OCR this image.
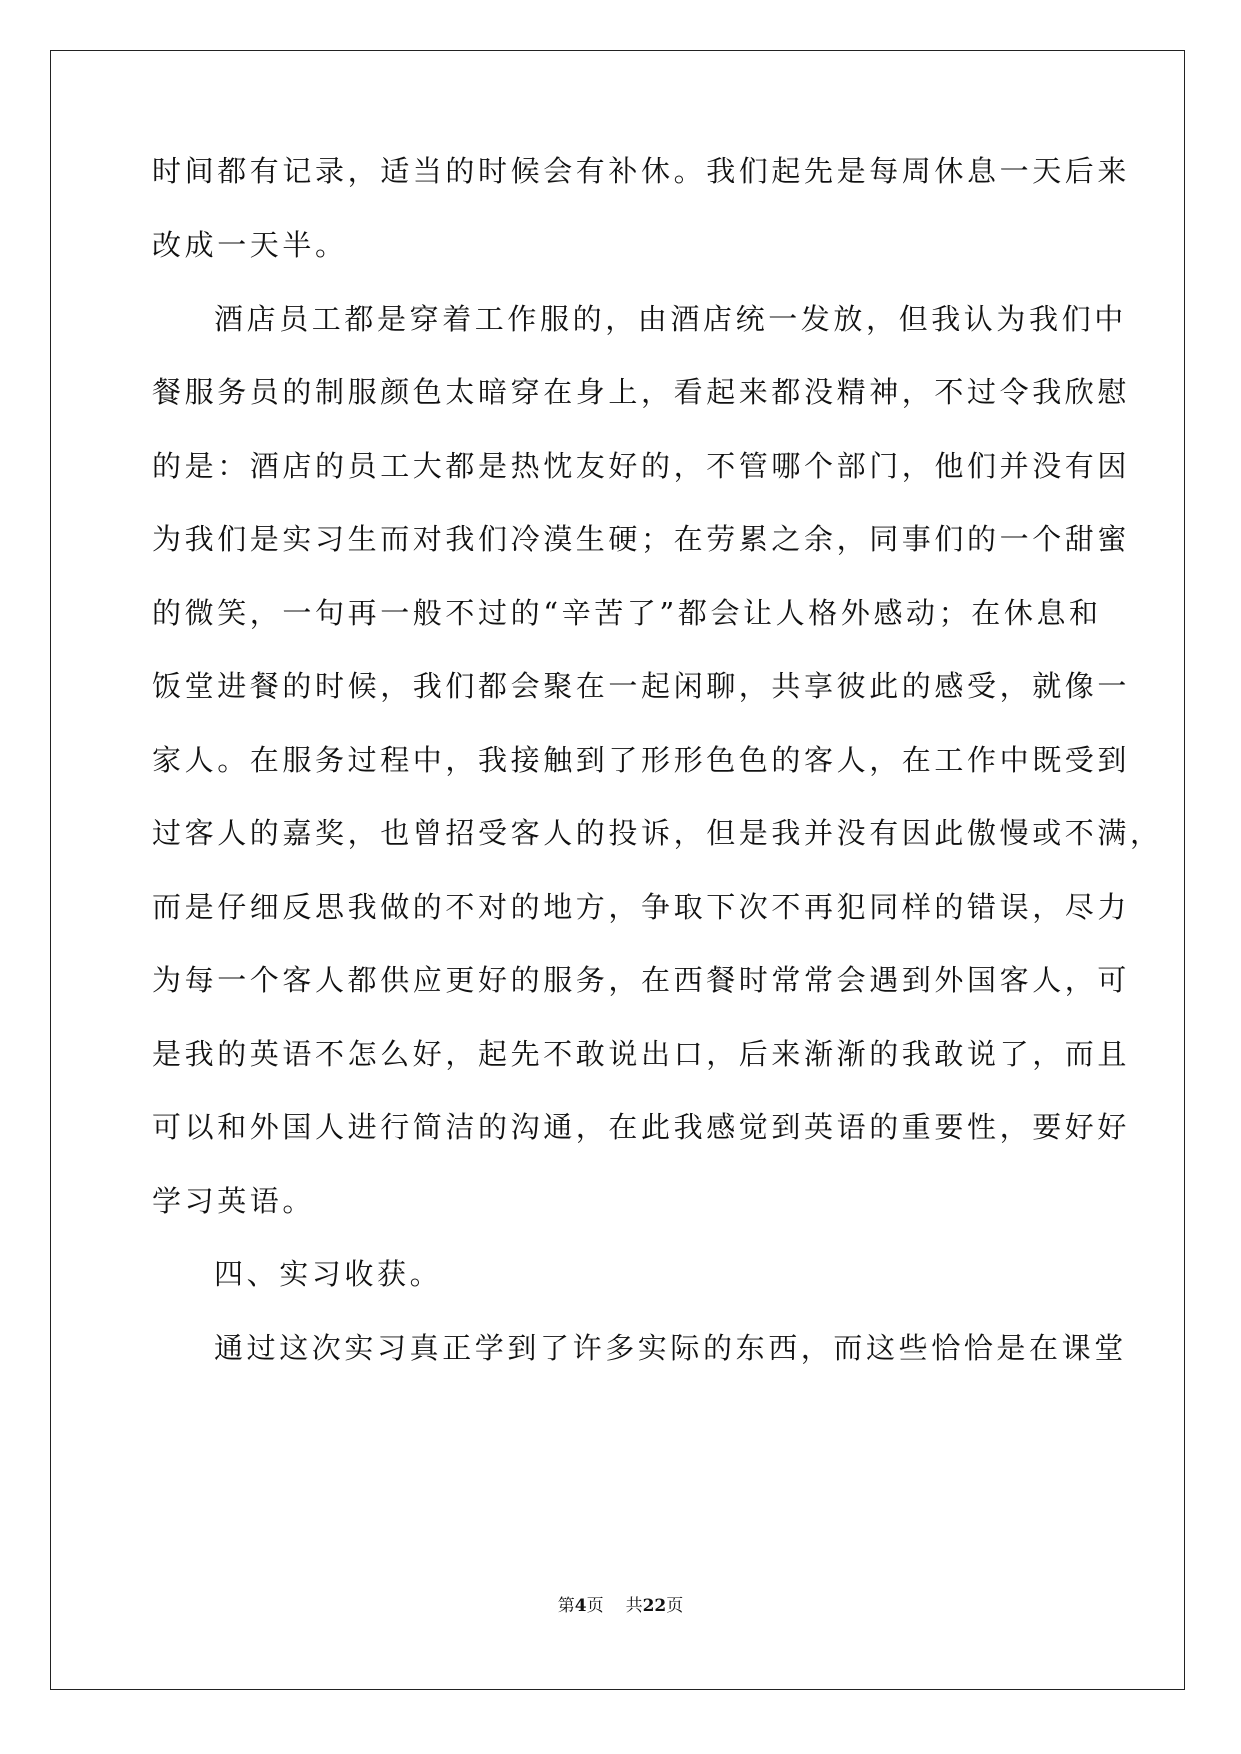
时间都有记录，适当的时候会有补休。我们起先是每周休息一天后来
改成一天半。
酒店员工都是穿着工作服的，由酒店统一发放，但我认为我们中
餐服务员的制服颜色太暗穿在身上，看起来都没精神，不过令我欣慰
的是：酒店的员工大都是热忱友好的，不管哪个部门，他们并没有因
为我们是实习生而对我们冷漠生硬；在劳累之余，同事们的一个甜蜜
的微笑，一句再一般不过的“辛苦了”都会让人格外感动；在休息和
饭堂进餐的时候，我们都会聚在一起闲聊，共享彼此的感受，就像一
家人。在服务过程中，我接触到了形形色色的客人，在工作中既受到
过客人的嘉奖，也曾招受客人的投诉，但是我并没有因此傲慢或不满，
而是仔细反思我做的不对的地方，争取下次不再犯同样的错误，尽力
为每一个客人都供应更好的服务，在西餐时常常会遇到外国客人，可
是我的英语不怎么好，起先不敢说出口，后来渐渐的我敢说了，而且
可以和外国人进行简洁的沟通，在此我感觉到英语的重要性，要好好
学习英语。
四、实习收获。
通过这次实习真正学到了许多实际的东西，而这些恰恰是在课堂
第4页 共22页
